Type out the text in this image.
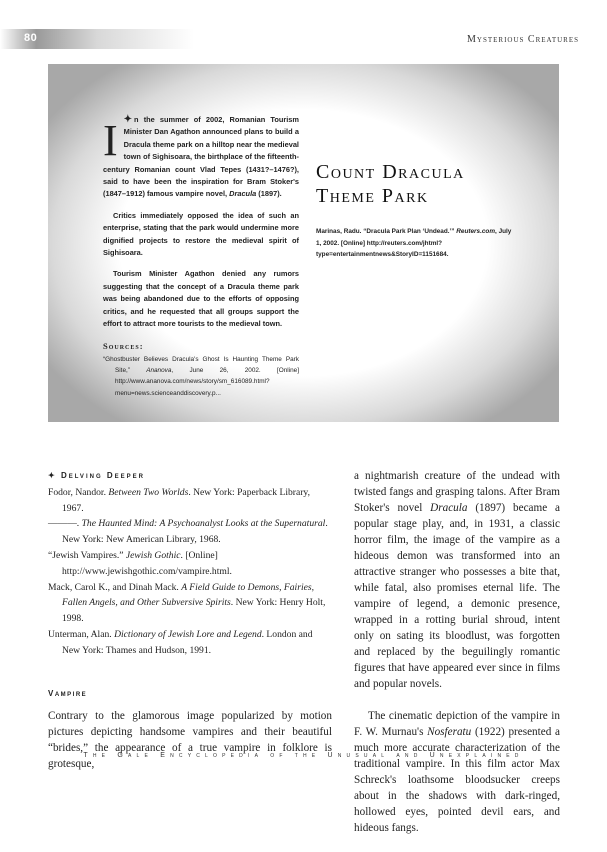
80	Mysterious Creatures

I ✦ n the summer of 2002, Romanian Tourism Minister Dan Agathon announced plans to build a Dracula theme park on a hilltop near the medieval town of Sighisoara, the birthplace of the fifteenth-century Romanian count Vlad Tepes (1431?–1476?), said to have been the inspiration for Bram Stoker's (1847–1912) famous vampire novel, Dracula (1897).

Critics immediately opposed the idea of such an enterprise, stating that the park would undermine more dignified projects to restore the medieval spirit of Sighisoara.

Tourism Minister Agathon denied any rumors suggesting that the concept of a Dracula theme park was being abandoned due to the efforts of opposing critics, and he requested that all groups support the effort to attract more tourists to the medieval town.

Sources:
“Ghostbuster Believes Dracula's Ghost Is Haunting Theme Park Site,” Ananova, June 26, 2002. [Online] http://www.ananova.com/news/story/sm_616089.html?menu=news.scienceanddiscovery.p...
Count Dracula
Theme Park
Marinas, Radu. “Dracula Park Plan ‘Undead.’” Reuters.com, July 1, 2002. [Online] http://reuters.com/jhtml?type=entertainmentnews&StoryID=1151684.
✦ Delving Deeper
Fodor, Nandor. Between Two Worlds. New York: Paperback Library, 1967.
———. The Haunted Mind: A Psychoanalyst Looks at the Supernatural. New York: New American Library, 1968.
“Jewish Vampires.” Jewish Gothic. [Online] http://www.jewishgothic.com/vampire.html.
Mack, Carol K., and Dinah Mack. A Field Guide to Demons, Fairies, Fallen Angels, and Other Subversive Spirits. New York: Henry Holt, 1998.
Unterman, Alan. Dictionary of Jewish Lore and Legend. London and New York: Thames and Hudson, 1991.
Vampire

Contrary to the glamorous image popularized by motion pictures depicting handsome vampires and their beautiful “brides,” the appearance of a true vampire in folklore is grotesque,

a nightmarish creature of the undead with twisted fangs and grasping talons. After Bram Stoker's novel Dracula (1897) became a popular stage play, and, in 1931, a classic horror film, the image of the vampire as a hideous demon was transformed into an attractive stranger who possesses a bite that, while fatal, also promises eternal life. The vampire of legend, a demonic presence, wrapped in a rotting burial shroud, intent only on sating its bloodlust, was forgotten and replaced by the beguilingly romantic figures that have appeared ever since in films and popular novels.

The cinematic depiction of the vampire in F. W. Murnau's Nosferatu (1922) presented a much more accurate characterization of the traditional vampire. In this film actor Max Schreck's loathsome bloodsucker creeps about in the shadows with dark-ringed, hollowed eyes, pointed devil ears, and hideous fangs.

The Gale Encyclopedia of the Unusual and Unexplained
